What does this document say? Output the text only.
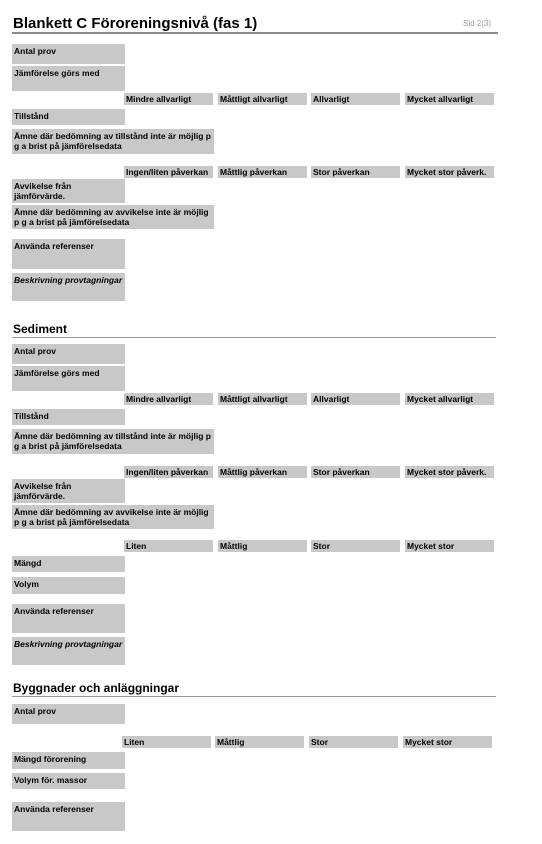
Blankett C Föroreningsnivå (fas 1)	Sid 2(3)
Antal prov
Jämförelse görs med
Mindre allvarligt	Måttligt allvarligt	Allvarligt	Mycket allvarligt
Tillstånd
Ämne där bedömning av tillstånd inte är möjlig p g a brist på jämförelsedata
Ingen/liten påverkan	Måttlig påverkan	Stor påverkan	Mycket stor påverk.
Avvikelse från jämförvärde.
Ämne där bedömning av avvikelse inte är möjlig p g a brist på jämförelsedata
Använda referenser
Beskrivning provtagningar
Sediment
Antal prov
Jämförelse görs med
Mindre allvarligt	Måttligt allvarligt	Allvarligt	Mycket allvarligt
Tillstånd
Ämne där bedömning av tillstånd inte är möjlig p g a brist på jämförelsedata
Ingen/liten påverkan	Måttlig påverkan	Stor påverkan	Mycket stor påverk.
Avvikelse från jämförvärde.
Ämne där bedömning av avvikelse inte är möjlig p g a brist på jämförelsedata
Liten	Måttlig	Stor	Mycket stor
Mängd
Volym
Använda referenser
Beskrivning provtagningar
Byggnader och anläggningar
Antal prov
Liten	Måttlig	Stor	Mycket stor
Mängd förorening
Volym för. massor
Använda referenser
